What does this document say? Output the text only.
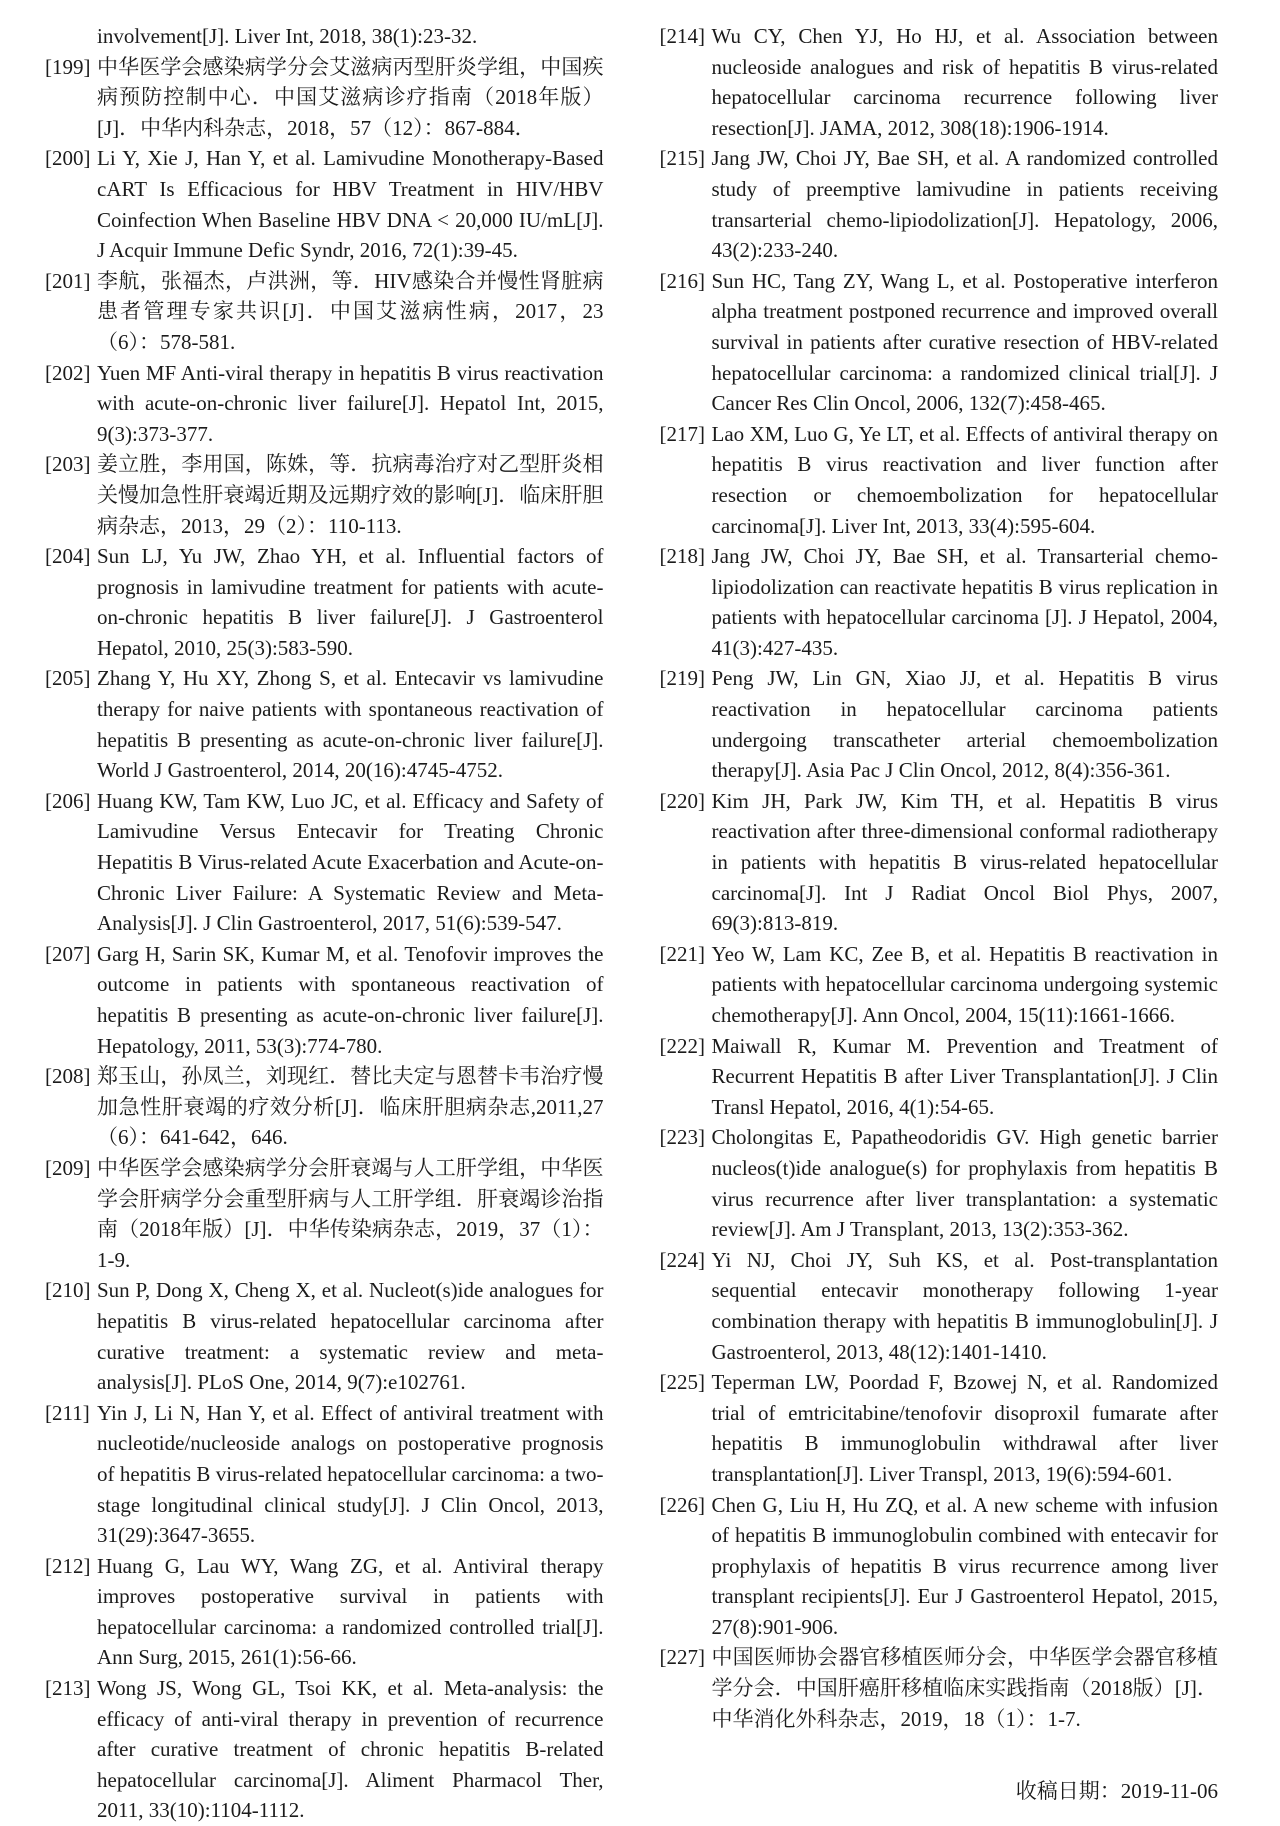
involvement[J]. Liver Int, 2018, 38(1):23-32.
[199] 中华医学会感染病学分会艾滋病丙型肝炎学组，中国疾病预防控制中心．中国艾滋病诊疗指南（2018年版）[J]．中华内科杂志，2018，57（12）：867-884．
[200] Li Y, Xie J, Han Y, et al. Lamivudine Monotherapy-Based cART Is Efficacious for HBV Treatment in HIV/HBV Coinfection When Baseline HBV DNA < 20,000 IU/mL[J]. J Acquir Immune Defic Syndr, 2016, 72(1):39-45.
[201] 李航，张福杰，卢洪洲，等．HIV感染合并慢性肾脏病患者管理专家共识[J]．中国艾滋病性病，2017，23（6）：578-581.
[202] Yuen MF Anti-viral therapy in hepatitis B virus reactivation with acute-on-chronic liver failure[J]. Hepatol Int, 2015, 9(3):373-377.
[203] 姜立胜，李用国，陈姝，等．抗病毒治疗对乙型肝炎相关慢加急性肝衰竭近期及远期疗效的影响[J]．临床肝胆病杂志，2013，29（2）：110-113.
[204] Sun LJ, Yu JW, Zhao YH, et al. Influential factors of prognosis in lamivudine treatment for patients with acute-on-chronic hepatitis B liver failure[J]. J Gastroenterol Hepatol, 2010, 25(3):583-590.
[205] Zhang Y, Hu XY, Zhong S, et al. Entecavir vs lamivudine therapy for naive patients with spontaneous reactivation of hepatitis B presenting as acute-on-chronic liver failure[J]. World J Gastroenterol, 2014, 20(16):4745-4752.
[206] Huang KW, Tam KW, Luo JC, et al. Efficacy and Safety of Lamivudine Versus Entecavir for Treating Chronic Hepatitis B Virus-related Acute Exacerbation and Acute-on-Chronic Liver Failure: A Systematic Review and Meta-Analysis[J]. J Clin Gastroenterol, 2017, 51(6):539-547.
[207] Garg H, Sarin SK, Kumar M, et al. Tenofovir improves the outcome in patients with spontaneous reactivation of hepatitis B presenting as acute-on-chronic liver failure[J]. Hepatology, 2011, 53(3):774-780.
[208] 郑玉山，孙凤兰，刘现红．替比夫定与恩替卡韦治疗慢加急性肝衰竭的疗效分析[J]．临床肝胆病杂志,2011,27（6）：641-642，646.
[209] 中华医学会感染病学分会肝衰竭与人工肝学组，中华医学会肝病学分会重型肝病与人工肝学组．肝衰竭诊治指南（2018年版）[J]．中华传染病杂志，2019，37（1）：1-9.
[210] Sun P, Dong X, Cheng X, et al. Nucleot(s)ide analogues for hepatitis B virus-related hepatocellular carcinoma after curative treatment: a systematic review and meta-analysis[J]. PLoS One, 2014, 9(7):e102761.
[211] Yin J, Li N, Han Y, et al. Effect of antiviral treatment with nucleotide/nucleoside analogs on postoperative prognosis of hepatitis B virus-related hepatocellular carcinoma: a two-stage longitudinal clinical study[J]. J Clin Oncol, 2013, 31(29):3647-3655.
[212] Huang G, Lau WY, Wang ZG, et al. Antiviral therapy improves postoperative survival in patients with hepatocellular carcinoma: a randomized controlled trial[J]. Ann Surg, 2015, 261(1):56-66.
[213] Wong JS, Wong GL, Tsoi KK, et al. Meta-analysis: the efficacy of anti-viral therapy in prevention of recurrence after curative treatment of chronic hepatitis B-related hepatocellular carcinoma[J]. Aliment Pharmacol Ther, 2011, 33(10):1104-1112.
[214] Wu CY, Chen YJ, Ho HJ, et al. Association between nucleoside analogues and risk of hepatitis B virus-related hepatocellular carcinoma recurrence following liver resection[J]. JAMA, 2012, 308(18):1906-1914.
[215] Jang JW, Choi JY, Bae SH, et al. A randomized controlled study of preemptive lamivudine in patients receiving transarterial chemo-lipiodolization[J]. Hepatology, 2006, 43(2):233-240.
[216] Sun HC, Tang ZY, Wang L, et al. Postoperative interferon alpha treatment postponed recurrence and improved overall survival in patients after curative resection of HBV-related hepatocellular carcinoma: a randomized clinical trial[J]. J Cancer Res Clin Oncol, 2006, 132(7):458-465.
[217] Lao XM, Luo G, Ye LT, et al. Effects of antiviral therapy on hepatitis B virus reactivation and liver function after resection or chemoembolization for hepatocellular carcinoma[J]. Liver Int, 2013, 33(4):595-604.
[218] Jang JW, Choi JY, Bae SH, et al. Transarterial chemo-lipiodolization can reactivate hepatitis B virus replication in patients with hepatocellular carcinoma [J]. J Hepatol, 2004, 41(3):427-435.
[219] Peng JW, Lin GN, Xiao JJ, et al. Hepatitis B virus reactivation in hepatocellular carcinoma patients undergoing transcatheter arterial chemoembolization therapy[J]. Asia Pac J Clin Oncol, 2012, 8(4):356-361.
[220] Kim JH, Park JW, Kim TH, et al. Hepatitis B virus reactivation after three-dimensional conformal radiotherapy in patients with hepatitis B virus-related hepatocellular carcinoma[J]. Int J Radiat Oncol Biol Phys, 2007, 69(3):813-819.
[221] Yeo W, Lam KC, Zee B, et al. Hepatitis B reactivation in patients with hepatocellular carcinoma undergoing systemic chemotherapy[J]. Ann Oncol, 2004, 15(11):1661-1666.
[222] Maiwall R, Kumar M. Prevention and Treatment of Recurrent Hepatitis B after Liver Transplantation[J]. J Clin Transl Hepatol, 2016, 4(1):54-65.
[223] Cholongitas E, Papatheodoridis GV. High genetic barrier nucleos(t)ide analogue(s) for prophylaxis from hepatitis B virus recurrence after liver transplantation: a systematic review[J]. Am J Transplant, 2013, 13(2):353-362.
[224] Yi NJ, Choi JY, Suh KS, et al. Post-transplantation sequential entecavir monotherapy following 1-year combination therapy with hepatitis B immunoglobulin[J]. J Gastroenterol, 2013, 48(12):1401-1410.
[225] Teperman LW, Poordad F, Bzowej N, et al. Randomized trial of emtricitabine/tenofovir disoproxil fumarate after hepatitis B immunoglobulin withdrawal after liver transplantation[J]. Liver Transpl, 2013, 19(6):594-601.
[226] Chen G, Liu H, Hu ZQ, et al. A new scheme with infusion of hepatitis B immunoglobulin combined with entecavir for prophylaxis of hepatitis B virus recurrence among liver transplant recipients[J]. Eur J Gastroenterol Hepatol, 2015, 27(8):901-906.
[227] 中国医师协会器官移植医师分会，中华医学会器官移植学分会．中国肝癌肝移植临床实践指南（2018版）[J]．中华消化外科杂志，2019，18（1）：1-7.
收稿日期：2019-11-06
